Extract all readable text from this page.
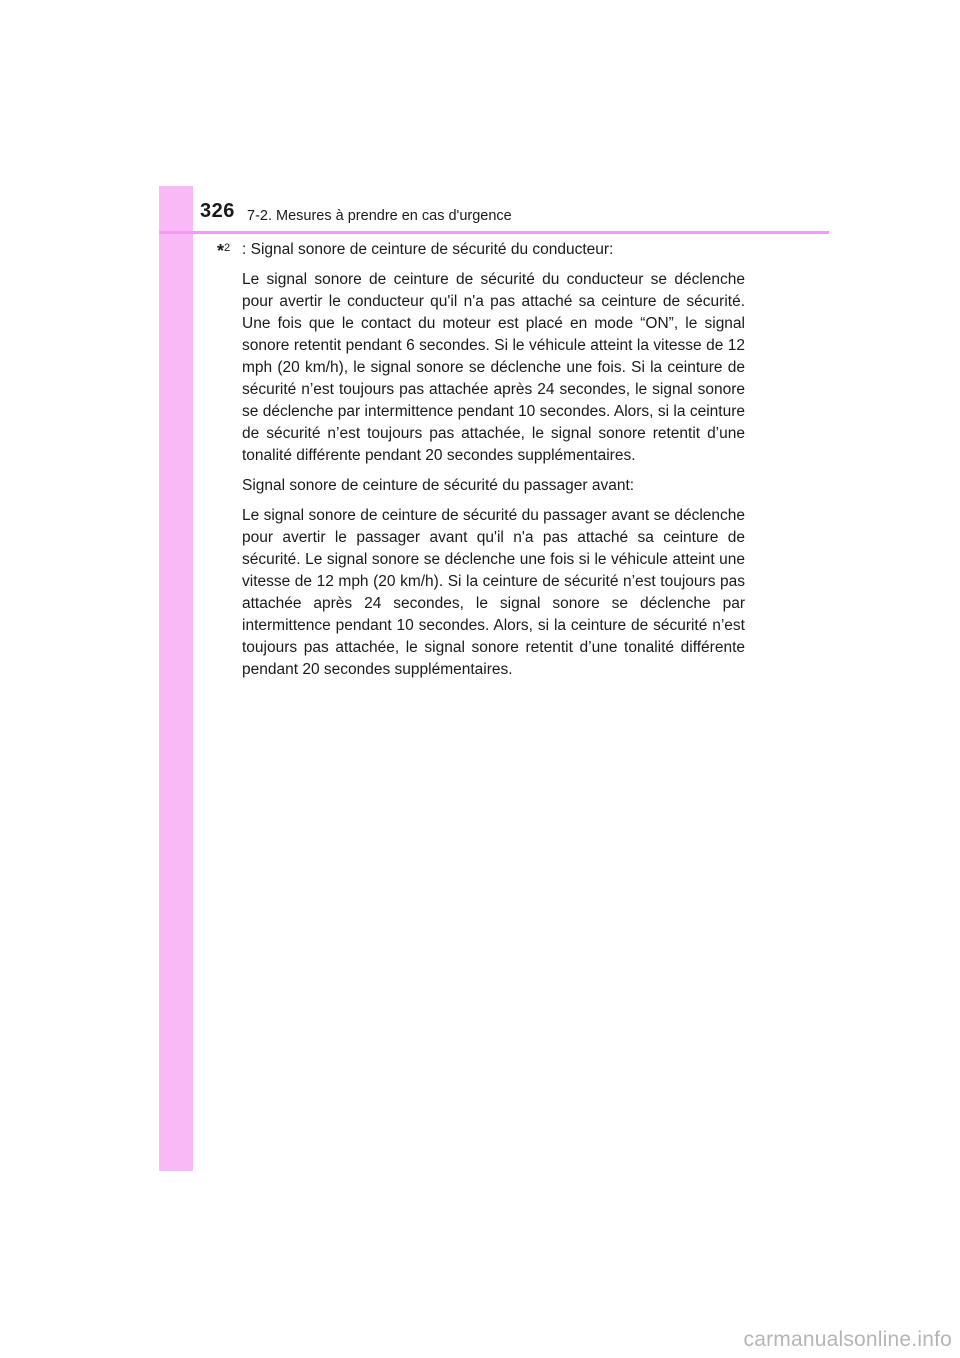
326 7-2. Mesures à prendre en cas d'urgence
*$^2$ : Signal sonore de ceinture de sécurité du conducteur:

Le signal sonore de ceinture de sécurité du conducteur se déclenche pour avertir le conducteur qu'il n'a pas attaché sa ceinture de sécurité. Une fois que le contact du moteur est placé en mode “ON”, le signal sonore retentit pendant 6 secondes. Si le véhicule atteint la vitesse de 12 mph (20 km/h), le signal sonore se déclenche une fois. Si la ceinture de sécurité n’est toujours pas attachée après 24 secondes, le signal sonore se déclenche par intermittence pendant 10 secondes. Alors, si la ceinture de sécurité n’est toujours pas attachée, le signal sonore retentit d’une tonalité différente pendant 20 secondes supplémentaires.

Signal sonore de ceinture de sécurité du passager avant:

Le signal sonore de ceinture de sécurité du passager avant se déclenche pour avertir le passager avant qu'il n'a pas attaché sa ceinture de sécurité. Le signal sonore se déclenche une fois si le véhicule atteint une vitesse de 12 mph (20 km/h). Si la ceinture de sécurité n’est toujours pas attachée après 24 secondes, le signal sonore se déclenche par intermittence pendant 10 secondes. Alors, si la ceinture de sécurité n’est toujours pas attachée, le signal sonore retentit d’une tonalité différente pendant 20 secondes supplémentaires.

carmanualsonline.info
